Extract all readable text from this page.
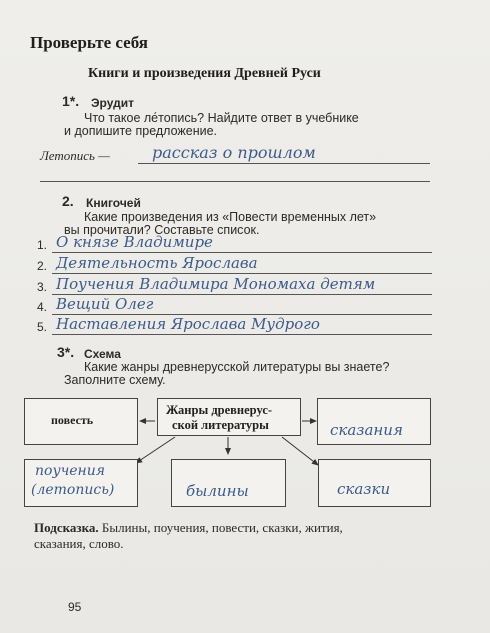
Проверьте себя
Книги и произведения Древней Руси
1*. Эрудит
Что такое ле́топись? Найдите ответ в учебнике
и допишите предложение.
Летопись —	рассказ о прошлом
2. Книгочей
Какие произведения из «Повести временных лет»
вы прочитали? Составьте список.
1. О князе Владимире
2. Деятельность Ярослава
3. Поучения Владимира Мономаха детям
4. Вещий Олег
5. Наставления Ярослава Мудрого
3*. Схема
Какие жанры древнерусской литературы вы знаете?
Заполните схему.
повесть
Жанры древнерус-
ской литературы	сказания
поучения
(летопись)	былины	сказки
Подсказка. Былины, поучения, повести, сказки, жития,
сказания, слово.
95
